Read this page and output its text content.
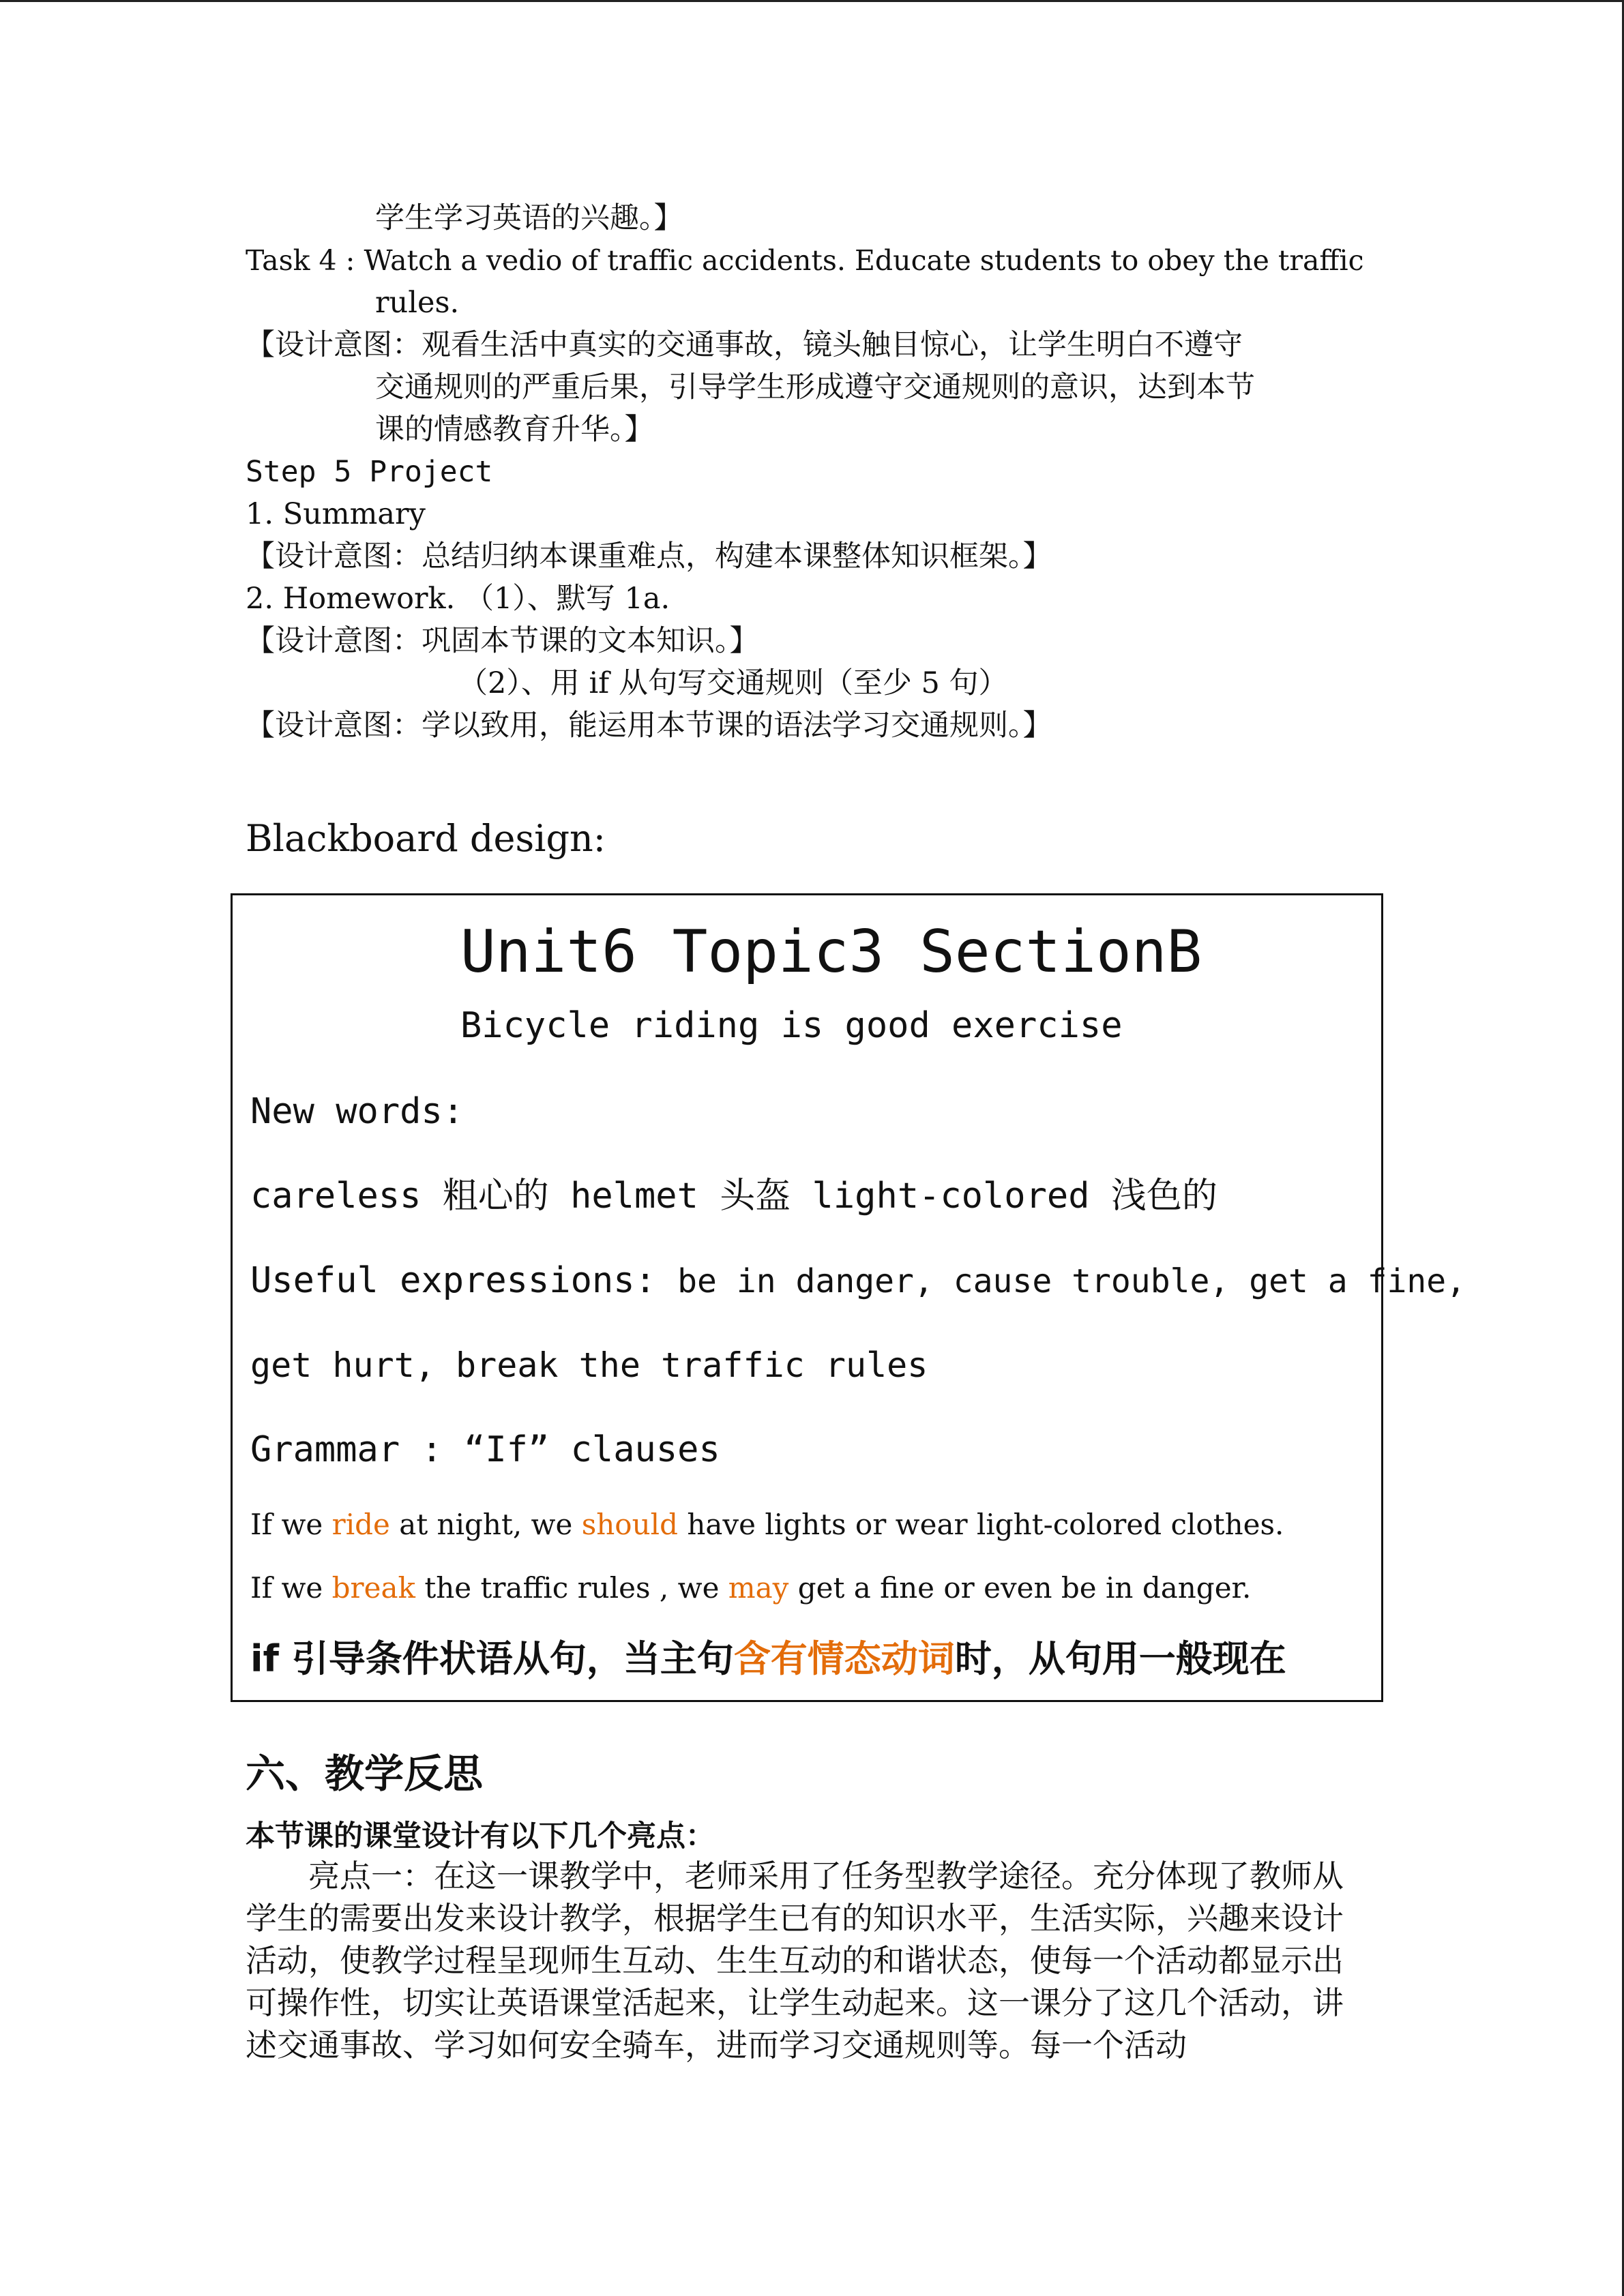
学生学习英语的兴趣。】
Task 4 : Watch a vedio of traffic accidents. Educate students to obey the traffic
rules.
【设计意图：观看生活中真实的交通事故，镜头触目惊心，让学生明白不遵守
交通规则的严重后果，引导学生形成遵守交通规则的意识，达到本节
课的情感教育升华。】
Step 5 Project
1. Summary
【设计意图：总结归纳本课重难点，构建本课整体知识框架。】
2. Homework. （1）、默写 1a.
【设计意图：巩固本节课的文本知识。】
（2）、用 if 从句写交通规则（至少 5 句）
【设计意图：学以致用，能运用本节课的语法学习交通规则。】
Blackboard design:
Unit6 Topic3 SectionB
Bicycle riding is good exercise
New words:
careless 粗心的 helmet 头盔 light-colored 浅色的
Useful expressions: be in danger, cause trouble, get a fine,
get hurt, break the traffic rules
Grammar : “If” clauses
If we ride at night, we should have lights or wear light-colored clothes.
If we break the traffic rules , we may get a fine or even be in danger.
if 引导条件状语从句，当主句含有情态动词时，从句用一般现在
六、教学反思
本节课的课堂设计有以下几个亮点：
亮点一：在这一课教学中，老师采用了任务型教学途径。充分体现了教师从学生的需要出发来设计教学，根据学生已有的知识水平，生活实际，兴趣来设计活动，使教学过程呈现师生互动、生生互动的和谐状态，使每一个活动都显示出可操作性，切实让英语课堂活起来，让学生动起来。这一课分了这几个活动，讲述交通事故、学习如何安全骑车，进而学习交通规则等。每一个活动
